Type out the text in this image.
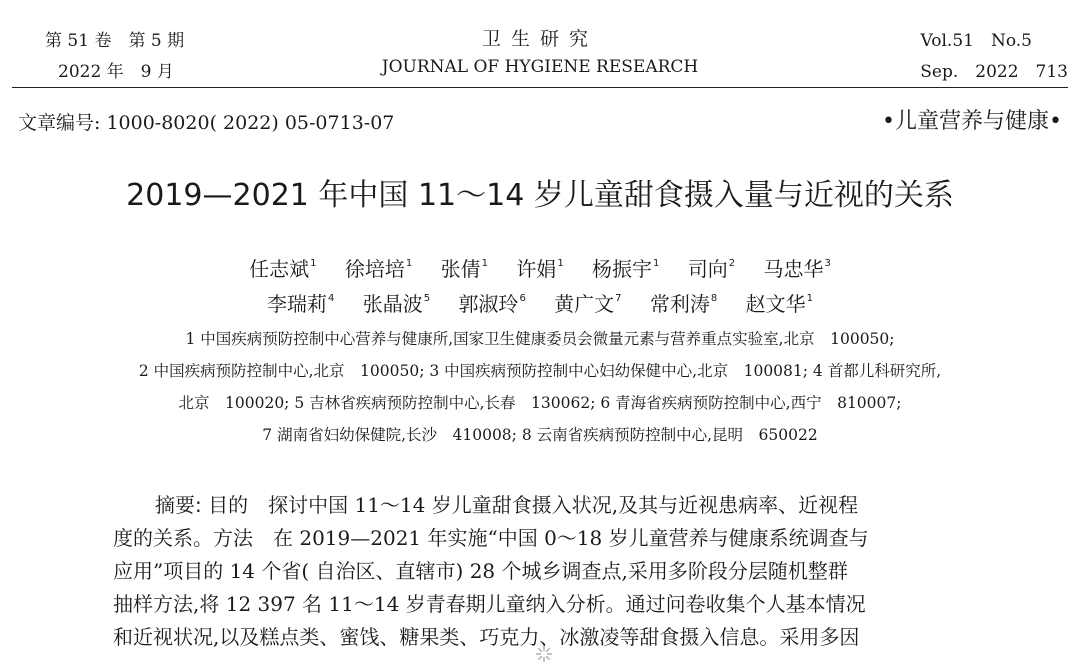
第 51 卷　第 5 期
2022 年　9 月
卫生研究
JOURNAL OF HYGIENE RESEARCH
Vol.51　No.5
Sep.　2022　713
文章编号: 1000-8020( 2022) 05-0713-07	•儿童营养与健康•
2019—2021 年中国 11～14 岁儿童甜食摄入量与近视的关系
任志斌$^1$ 徐培培$^1$ 张倩$^1$ 许娟$^1$ 杨振宇$^1$ 司向$^2$ 马忠华$^3$
李瑞莉$^4$ 张晶波$^5$ 郭淑玲$^6$ 黄广文$^7$ 常利涛$^8$ 赵文华$^1$
1 中国疾病预防控制中心营养与健康所,国家卫生健康委员会微量元素与营养重点实验室,北京　100050;
2 中国疾病预防控制中心,北京　100050; 3 中国疾病预防控制中心妇幼保健中心,北京　100081; 4 首都儿科研究所,
北京　100020; 5 吉林省疾病预防控制中心,长春　130062; 6 青海省疾病预防控制中心,西宁　810007;
7 湖南省妇幼保健院,长沙　410008; 8 云南省疾病预防控制中心,昆明　650022
摘要: 目的　探讨中国 11～14 岁儿童甜食摄入状况,及其与近视患病率、近视程
度的关系。方法　在 2019—2021 年实施“中国 0～18 岁儿童营养与健康系统调查与
应用”项目的 14 个省( 自治区、直辖市) 28 个城乡调查点,采用多阶段分层随机整群
抽样方法,将 12 397 名 11～14 岁青春期儿童纳入分析。通过问卷收集个人基本情况
和近视状况,以及糕点类、蜜饯、糖果类、巧克力、冰激凌等甜食摄入信息。采用多因
